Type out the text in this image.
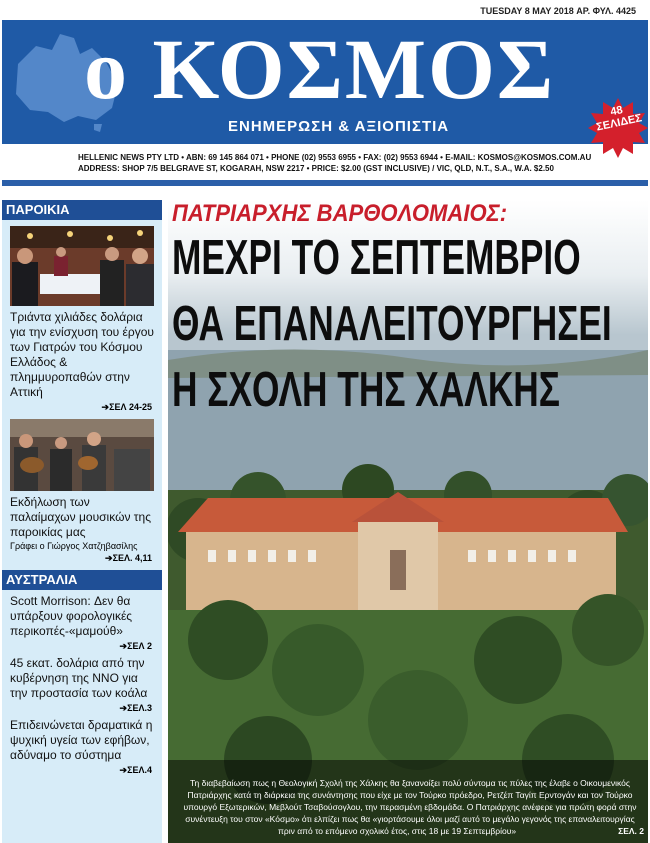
TUESDAY 8 MAY 2018 ΑΡ. ΦΥΛ. 4425
ο ΚΟΣΜΟΣ
ΕΝΗΜΕΡΩΣΗ & ΑΞΙΟΠΙΣΤΙΑ
48 ΣΕΛΙΔΕΣ
HELLENIC NEWS PTY LTD • ABN: 69 145 864 071 • PHONE (02) 9553 6955 • FAX: (02) 9553 6944 • E-MAIL: KOSMOS@KOSMOS.COM.AU
ADDRESS: SHOP 7/5 BELGRAVE ST, KOGARAH, NSW 2217 • PRICE: $2.00 (GST INCLUSIVE) / VIC, QLD, N.T., S.A., W.A. $2.50
ΠΑΡΟΙΚΙΑ
Τριάντα χιλιάδες δολάρια για την ενίσχυση του έργου των Γιατρών του Κόσμου Ελλάδος & πλημμυροπαθών στην Αττική
➔ΣΕΛ 24-25
Εκδήλωση των παλαίμαχων μουσικών της παροικίας μας
Γράφει ο Γιώργος Χατζηβασίλης
➔ΣΕΛ. 4,11
ΑΥΣΤΡΑΛΙΑ
Scott Morrison: Δεν θα υπάρξουν φορολογικές περικοπές-«μαμούθ»
➔ΣΕΛ 2
45 εκατ. δολάρια από την κυβέρνηση της ΝΝΟ για την προστασία των κοάλα
➔ΣΕΛ.3
Επιδεινώνεται δραματικά η ψυχική υγεία των εφήβων, αδύναμο το σύστημα
➔ΣΕΛ.4
ΠΑΤΡΙΑΡΧΗΣ ΒΑΡΘΟΛΟΜΑΙΟΣ:
ΜΕΧΡΙ ΤΟ ΣΕΠΤΕΜΒΡΙΟ
ΘΑ ΕΠΑΝΑΛΕΙΤΟΥΡΓΗΣΕΙ
Η ΣΧΟΛΗ ΤΗΣ ΧΑΛΚΗΣ
Τη διαβεβαίωση πως η Θεολογική Σχολή της Χάλκης θα ξανανοίξει πολύ σύντομα τις πύλες της έλαβε ο Οικουμενικός Πατριάρχης κατά τη διάρκεια της συνάντησης που είχε με τον Τούρκο πρόεδρο, Ρετζέπ Ταγίπ Ερντογάν και τον Τούρκο υπουργό Εξωτερικών, Μεβλούτ Τσαβούσογλου, την περασμένη εβδομάδα. Ο Πατριάρχης ανέφερε για πρώτη φορά στην συνέντευξη του στον «Κόσμο» ότι ελπίζει πως θα «γιορτάσουμε όλοι μαζί αυτό το μεγάλο γεγονός της επαναλειτουργίας πριν από το επόμενο σχολικό έτος, στις 18 με 19 Σεπτεμβρίου»	ΣΕΛ. 2
